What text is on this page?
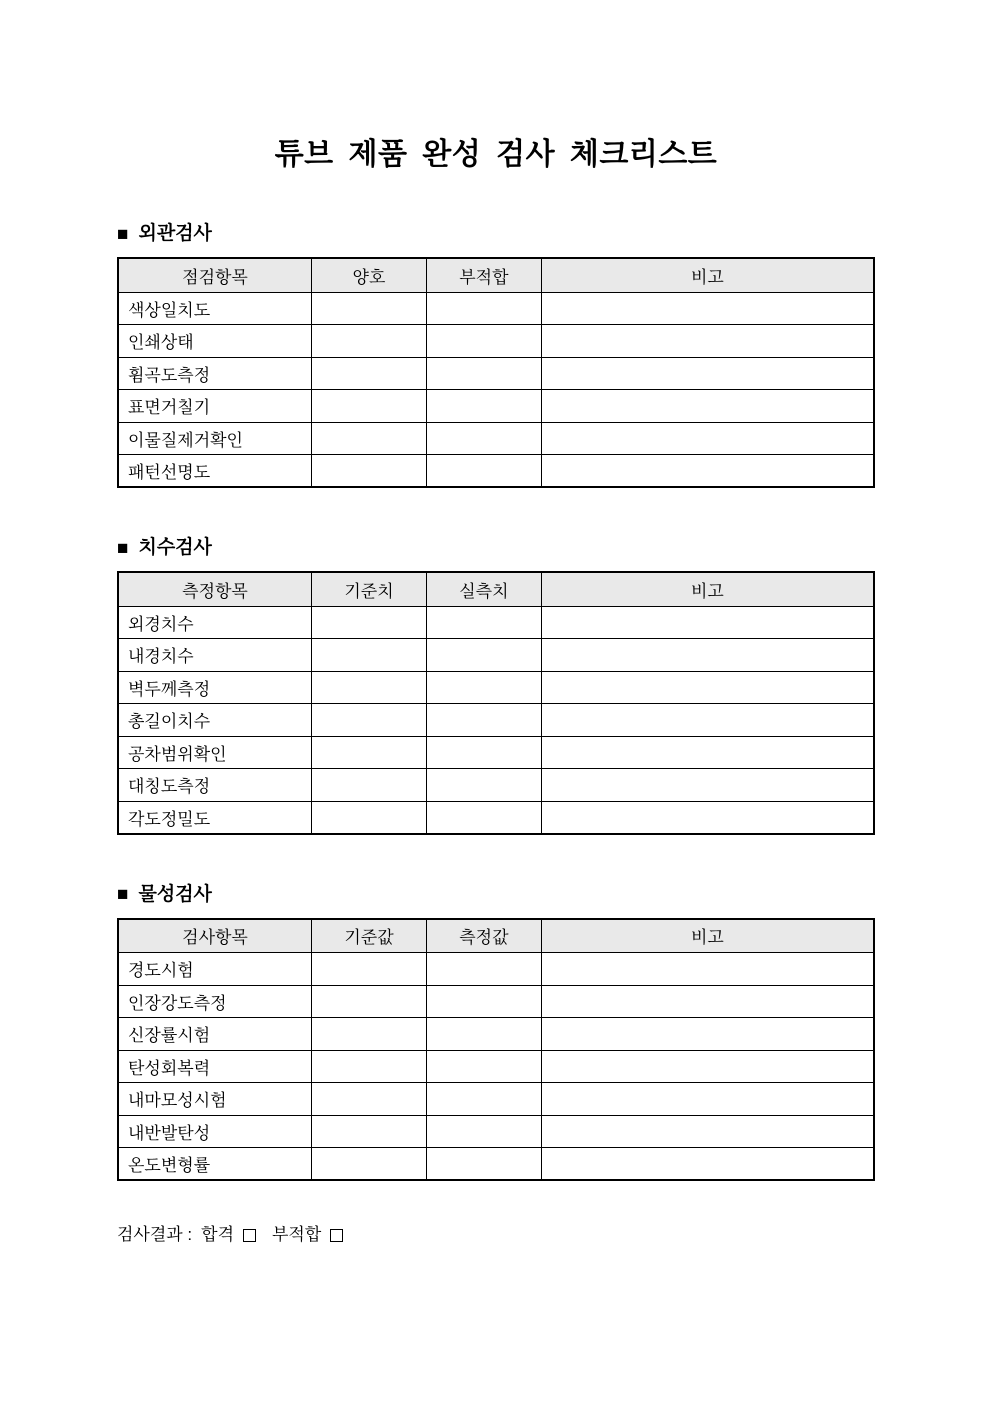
튜브 제품 완성 검사 체크리스트
■ 외관검사
점검항목	양호	부적합	비고
색상일치도			
인쇄상태			
휨곡도측정			
표면거칠기			
이물질제거확인			
패턴선명도			
■ 치수검사
측정항목	기준치	실측치	비고
외경치수			
내경치수			
벽두께측정			
총길이치수			
공차범위확인			
대칭도측정			
각도정밀도			
■ 물성검사
검사항목	기준값	측정값	비고
경도시험			
인장강도측정			
신장률시험			
탄성회복력			
내마모성시험			
내반발탄성			
온도변형률			
검사결과 : 합격 부적합
